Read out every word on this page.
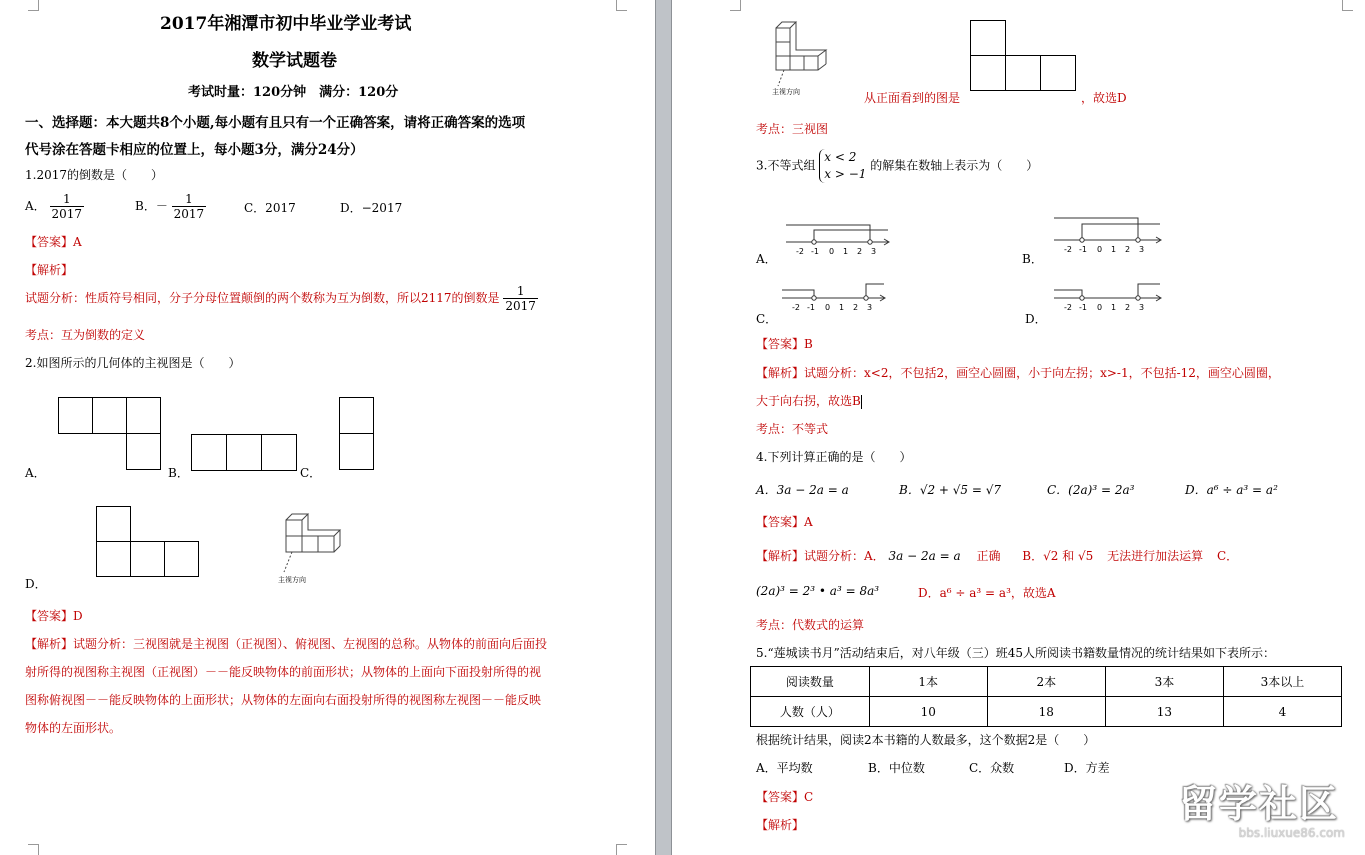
2017年湘潭市初中毕业学业考试
数学试题卷
考试时量：120分钟　满分：120分
一、选择题：本大题共8个小题,每小题有且只有一个正确答案，请将正确答案的选项
代号涂在答题卡相应的位置上，每小题3分，满分24分）
1.2017的倒数是（　　）
A． $\frac{1}{2017}$	B．－ $\frac{1}{2017}$	C．2017	D．−2017
【答案】A
【解析】
试题分析：性质符号相同，分子分母位置颠倒的两个数称为互为倒数，所以2117的倒数是 $\frac{1}{2017}$
考点：互为倒数的定义
2.如图所示的几何体的主视图是（　　）
A．	B．	C．
D．	主视方向
【答案】D
【解析】试题分析：三视图就是主视图（正视图）、俯视图、左视图的总称。从物体的前面向后面投
射所得的视图称主视图（正视图）－－能反映物体的前面形状；从物体的上面向下面投射所得的视
图称俯视图－－能反映物体的上面形状；从物体的左面向右面投射所得的视图称左视图－－能反映
物体的左面形状。
主视方向	从正面看到的图是	，故选D
考点：三视图
3.不等式组
x < 2
x > −1
的解集在数轴上表示为（　　）
-2 -1 0 1 2 3
A．
-2 -1 0 1 2 3
B．
-2 -1 0 1 2 3
C．
-2 -1 0 1 2 3
D．
【答案】B
【解析】试题分析：x<2，不包括2，画空心圆圈，小于向左拐；x>-1，不包括-12，画空心圆圈，
大于向右拐，故选B
考点：不等式
4.下列计算正确的是（　　）
A．3a − 2a = a	B．√2 + √5 = √7	C．(2a)³ = 2a³	D．a⁶ ÷ a³ = a²
【答案】A
【解析】试题分析：A． 3a − 2a = a 正确 B．√2 和 √5 无法进行加法运算 C．
(2a)³ = 2³ • a³ = 8a³	D．a⁶ ÷ a³ = a³，故选A
考点：代数式的运算
5.“莲城读书月”活动结束后，对八年级（三）班45人所阅读书籍数量情况的统计结果如下表所示：
阅读数量	1本	2本	3本	3本以上
人数（人）	10	18	13	4
根据统计结果，阅读2本书籍的人数最多，这个数据2是（　　）
A．平均数	B．中位数	C．众数	D．方差
【答案】C
【解析】	留学社区
bbs.liuxue86.com
